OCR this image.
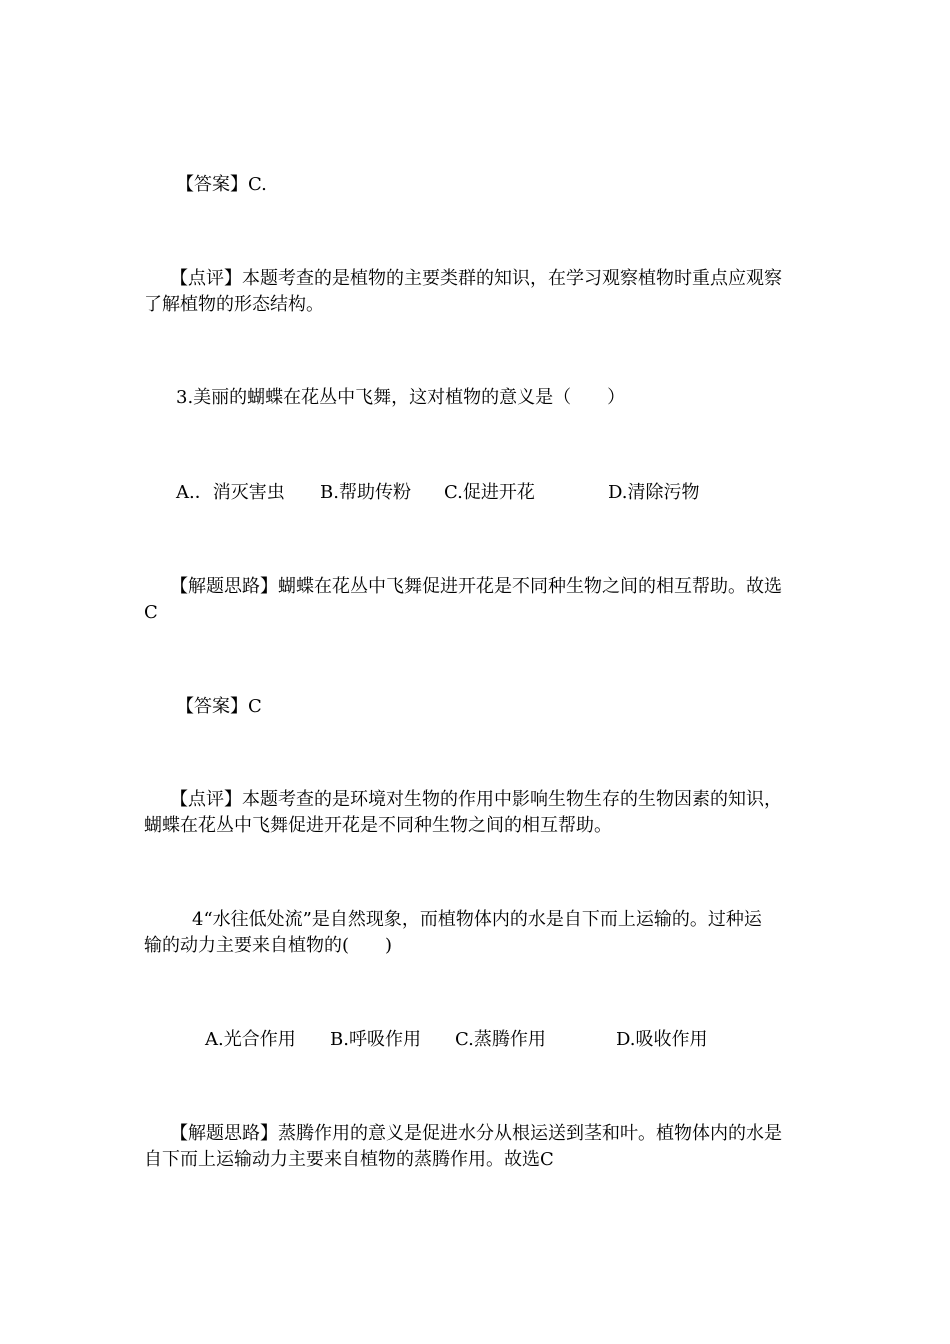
【答案】C.

【点评】本题考查的是植物的主要类群的知识，在学习观察植物时重点应观察

了解植物的形态结构。

3.美丽的蝴蝶在花丛中飞舞，这对植物的意义是（　　）

A.．消灭害虫 B.帮助传粉 C.促进开花	D.清除污物

【解题思路】蝴蝶在花丛中飞舞促进开花是不同种生物之间的相互帮助。故选

C

【答案】C

【点评】本题考查的是环境对生物的作用中影响生物生存的生物因素的知识，

蝴蝶在花丛中飞舞促进开花是不同种生物之间的相互帮助。

4“水往低处流”是自然现象，而植物体内的水是自下而上运输的。过种运

输的动力主要来自植物的(　　)

A.光合作用 B.呼吸作用 C.蒸腾作用	D.吸收作用

【解题思路】蒸腾作用的意义是促进水分从根运送到茎和叶。植物体内的水是

自下而上运输动力主要来自植物的蒸腾作用。故选C
